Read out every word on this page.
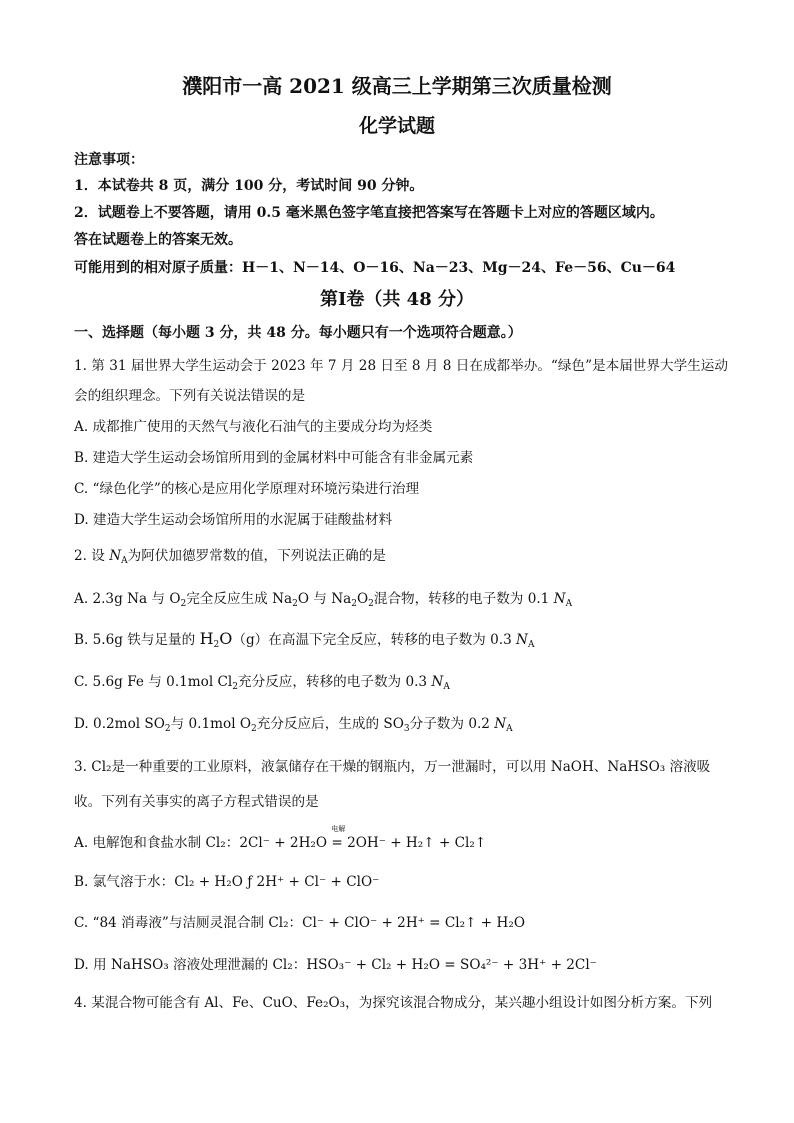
濮阳市一高 2021 级高三上学期第三次质量检测
化学试题
注意事项：
1．本试卷共 8 页，满分 100 分，考试时间 90 分钟。
2．试题卷上不要答题，请用 0.5 毫米黑色签字笔直接把答案写在答题卡上对应的答题区域内。
答在试题卷上的答案无效。
可能用到的相对原子质量：H－1、N－14、O－16、Na－23、Mg－24、Fe－56、Cu－64
第Ⅰ卷（共 48 分）
一、选择题（每小题 3 分，共 48 分。每小题只有一个选项符合题意。）
1. 第 31 届世界大学生运动会于 2023 年 7 月 28 日至 8 月 8 日在成都举办。“绿色”是本届世界大学生运动
会的组织理念。下列有关说法错误的是
A. 成都推广使用的天然气与液化石油气的主要成分均为烃类
B. 建造大学生运动会场馆所用到的金属材料中可能含有非金属元素
C. “绿色化学”的核心是应用化学原理对环境污染进行治理
D. 建造大学生运动会场馆所用的水泥属于硅酸盐材料
2. 设 $N_A$为阿伏加德罗常数的值，下列说法正确的是
A. 2.3g Na 与 $O_2$完全反应生成 $Na_2O$ 与 $Na_2O_2$混合物，转移的电子数为 0.1 $N_A$
B. 5.6g 铁与足量的 $H_2O(g)$在高温下完全反应，转移的电子数为 0.3 $N_A$
C. 5.6g Fe 与 0.1mol $Cl_2$充分反应，转移的电子数为 0.3 $N_A$
D. 0.2mol $SO_2$与 0.1mol $O_2$充分反应后，生成的 $SO_3$分子数为 0.2 $N_A$
3. Cl₂是一种重要的工业原料，液氯储存在干燥的钢瓶内，万一泄漏时，可以用 NaOH、NaHSO₃ 溶液吸
收。下列有关事实的离子方程式错误的是
A. 电解饱和食盐水制 Cl₂：2Cl⁻ + 2H₂O
电解
= 2OH⁻ + H₂↑ + Cl₂↑
B. 氯气溶于水：Cl₂ + H₂O ƒ 2H⁺ + Cl⁻ + ClO⁻
C. “84 消毒液”与洁厕灵混合制 Cl₂：Cl⁻ + ClO⁻ + 2H⁺ = Cl₂↑ + H₂O
D. 用 NaHSO₃ 溶液处理泄漏的 Cl₂：HSO₃⁻ + Cl₂ + H₂O = SO₄²⁻ + 3H⁺ + 2Cl⁻
4. 某混合物可能含有 Al、Fe、CuO、Fe₂O₃，为探究该混合物成分，某兴趣小组设计如图分析方案。下列
